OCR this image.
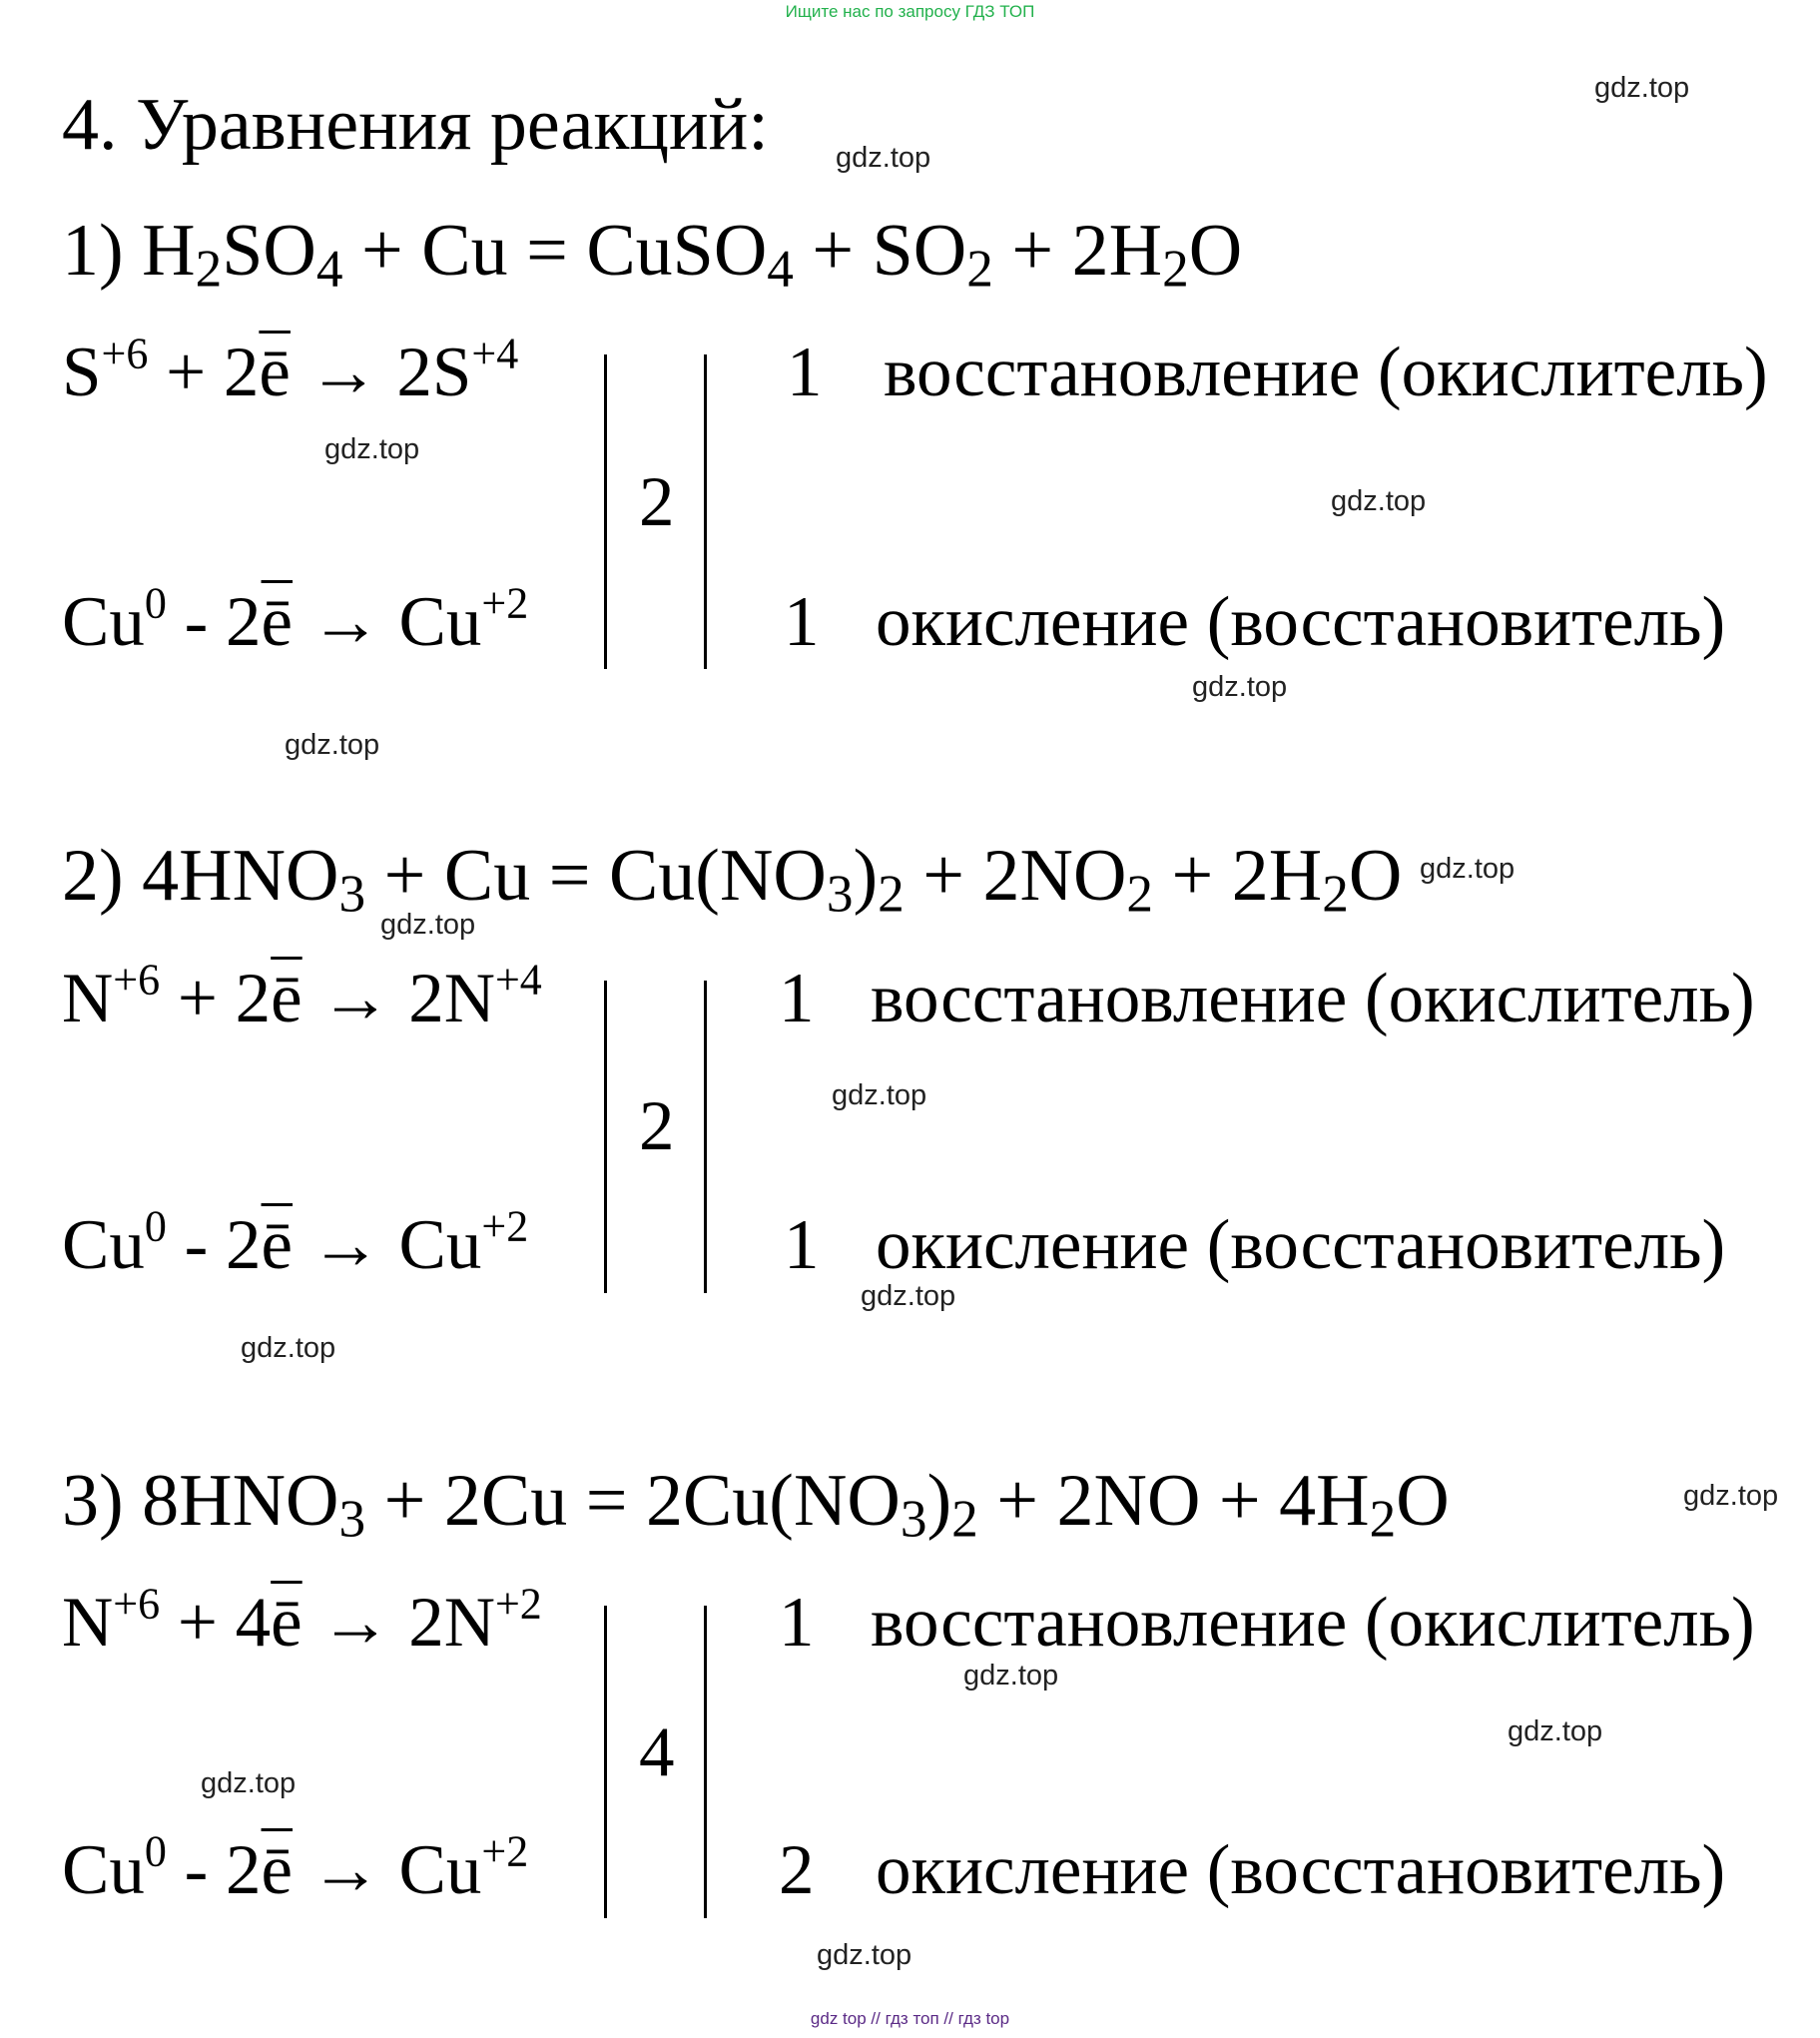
Ищите нас по запросу ГДЗ ТОП
4. Уравнения реакций:
1) $H_2SO_4 + Cu$ = CuSO$_4$ + $SO_2 + 2H_2O$
$S^{+6} + 2\overline{ē} \to 2S^{+4}$
$Cu^0 - 2\overline{ē} \to Cu^{+2}$
2
1 восстановление (окислитель)
1 окисление (восстановитель)
2) $4HNO_3 + Cu = Cu(NO_3)_2 + 2NO_2 + 2H_2O$
$N^{+6} + 2\overline{ē} \to 2N^{+4}$
$Cu^0 - 2\overline{ē} \to Cu^{+2}$
2
1 восстановление (окислитель)
1 окисление (восстановитель)
3) $8HNO_3 + 2Cu = 2Cu(NO_3)_2 + 2NO + 4H_2O$
$N^{+6} + 4\overline{ē} \to 2N^{+2}$
$Cu^0 - 2\overline{ē} \to Cu^{+2}$
4
1 восстановление (окислитель)
2 окисление (восстановитель)
gdz.top
gdz.top
gdz.top
gdz.top
gdz.top
gdz.top
gdz.top
gdz.top
gdz.top
gdz.top
gdz.top
gdz.top
gdz.top
gdz.top
gdz.top
gdz.top
gdz top // гдз топ // гдз top
